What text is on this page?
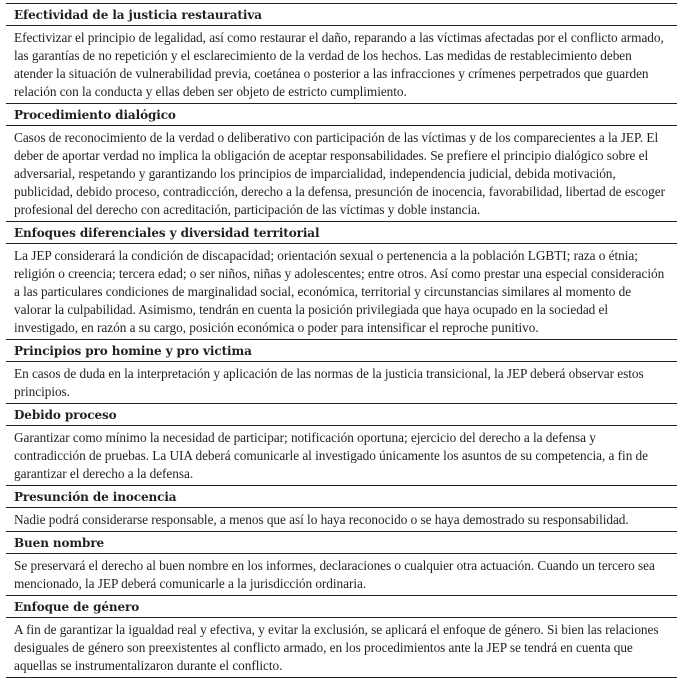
Efectividad de la justicia restaurativa
Efectivizar el principio de legalidad, así como restaurar el daño, reparando a las víctimas afectadas por el conflicto armado, las garantías de no repetición y el esclarecimiento de la verdad de los hechos. Las medidas de restablecimiento deben atender la situación de vulnerabilidad previa, coetánea o posterior a las infracciones y crímenes perpetrados que guarden relación con la conducta y ellas deben ser objeto de estricto cumplimiento.
Procedimiento dialógico
Casos de reconocimiento de la verdad o deliberativo con participación de las víctimas y de los comparecientes a la JEP. El deber de aportar verdad no implica la obligación de aceptar responsabilidades. Se prefiere el principio dialógico sobre el adversarial, respetando y garantizando los principios de imparcialidad, independencia judicial, debida motivación, publicidad, debido proceso, contradicción, derecho a la defensa, presunción de inocencia, favorabilidad, libertad de escoger profesional del derecho con acreditación, participación de las víctimas y doble instancia.
Enfoques diferenciales y diversidad territorial
La JEP considerará la condición de discapacidad; orientación sexual o pertenencia a la población LGBTI; raza o étnia; religión o creencia; tercera edad; o ser niños, niñas y adolescentes; entre otros. Así como prestar una especial consideración a las particulares condiciones de marginalidad social, económica, territorial y circunstancias similares al momento de valorar la culpabilidad. Asimismo, tendrán en cuenta la posición privilegiada que haya ocupado en la sociedad el investigado, en razón a su cargo, posición económica o poder para intensificar el reproche punitivo.
Principios pro homine y pro victima
En casos de duda en la interpretación y aplicación de las normas de la justicia transicional, la JEP deberá observar estos principios.
Debido proceso
Garantizar como mínimo la necesidad de participar; notificación oportuna; ejercicio del derecho a la defensa y contradicción de pruebas. La UIA deberá comunicarle al investigado únicamente los asuntos de su competencia, a fin de garantizar el derecho a la defensa.
Presunción de inocencia
Nadie podrá considerarse responsable, a menos que así lo haya reconocido o se haya demostrado su responsabilidad.
Buen nombre
Se preservará el derecho al buen nombre en los informes, declaraciones o cualquier otra actuación. Cuando un tercero sea mencionado, la JEP deberá comunicarle a la jurisdicción ordinaria.
Enfoque de género
A fin de garantizar la igualdad real y efectiva, y evitar la exclusión, se aplicará el enfoque de género. Si bien las relaciones desiguales de género son preexistentes al conflicto armado, en los procedimientos ante la JEP se tendrá en cuenta que aquellas se instrumentalizaron durante el conflicto.
